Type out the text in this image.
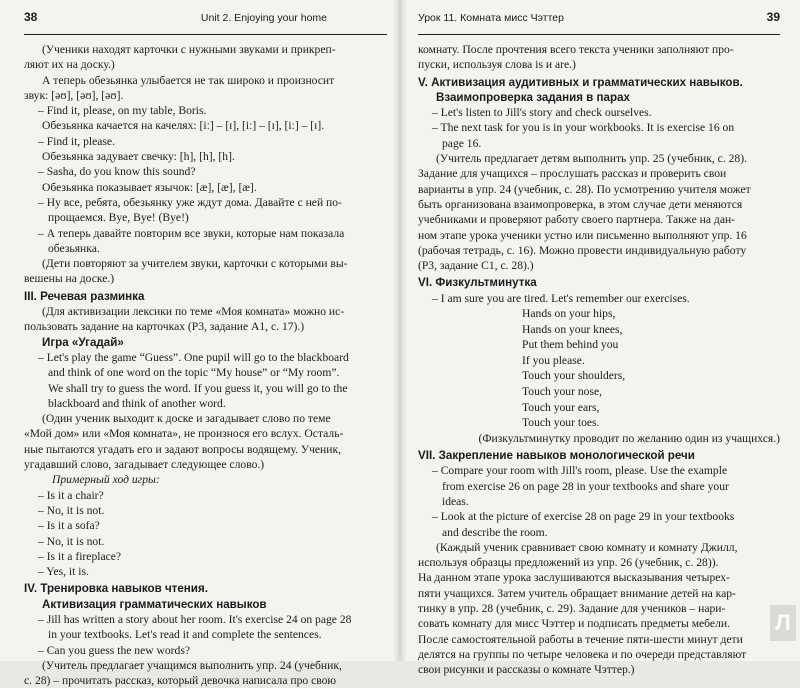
38	Unit 2. Enjoying your home

(Ученики находят карточки с нужными звуками и прикреп-

ляют их на доску.)

А теперь обезьянка улыбается не так широко и произносит

звук: [əʊ], [əʊ], [əʊ].

– Find it, please, on my table, Boris.

Обезьянка качается на качелях: [iː] – [ɪ], [iː] – [ɪ], [iː] – [ɪ].

– Find it, please.

Обезьянка задувает свечку: [h], [h], [h].

– Sasha, do you know this sound?

Обезьянка показывает язычок: [æ], [æ], [æ].

– Ну все, ребята, обезьянку уже ждут дома. Давайте с ней по-

прощаемся. Bye, Bye! (Bye!)

– А теперь давайте повторим все звуки, которые нам показала

обезьянка.

(Дети повторяют за учителем звуки, карточки с которыми вы-

вешены на доске.)

III. Речевая разминка

(Для активизации лексики по теме «Моя комната» можно ис-

пользовать задание на карточках (Р3, задание А1, с. 17).)

Игра «Угадай»

– Let's play the game “Guess”. One pupil will go to the blackboard

and think of one word on the topic “My house” or “My room”.

We shall try to guess the word. If you guess it, you will go to the

blackboard and think of another word.

(Один ученик выходит к доске и загадывает слово по теме

«Мой дом» или «Моя комната», не произнося его вслух. Осталь-

ные пытаются угадать его и задают вопросы водящему. Ученик,

угадавший слово, загадывает следующее слово.)

Примерный ход игры:

– Is it a chair?

– No, it is not.

– Is it a sofa?

– No, it is not.

– Is it a fireplace?

– Yes, it is.

IV. Тренировка навыков чтения.

Активизация грамматических навыков

– Jill has written a story about her room. It's exercise 24 on page 28

in your textbooks. Let's read it and complete the sentences.

– Can you guess the new words?

(Учитель предлагает учащимся выполнить упр. 24 (учебник,

с. 28) – прочитать рассказ, который девочка написала про свою

Урок 11. Комната мисс Чэттер	39

комнату. После прочтения всего текста ученики заполняют про-

пуски, используя слова is и are.)

V. Активизация аудитивных и грамматических навыков.

Взаимопроверка задания в парах

– Let's listen to Jill's story and check ourselves.

– The next task for you is in your workbooks. It is exercise 16 on

page 16.

(Учитель предлагает детям выполнить упр. 25 (учебник, с. 28).

Задание для учащихся – прослушать рассказ и проверить свои

варианты в упр. 24 (учебник, с. 28). По усмотрению учителя может

быть организована взаимопроверка, в этом случае дети меняются

учебниками и проверяют работу своего партнера. Также на дан-

ном этапе урока ученики устно или письменно выполняют упр. 16

(рабочая тетрадь, с. 16). Можно провести индивидуальную работу

(Р3, задание С1, с. 28).)

VI. Физкультминутка

– I am sure you are tired. Let's remember our exercises.

Hands on your hips,

Hands on your knees,

Put them behind you

If you please.

Touch your shoulders,

Touch your nose,

Touch your ears,

Touch your toes.

(Физкультминутку проводит по желанию один из учащихся.)

VII. Закрепление навыков монологической речи

– Compare your room with Jill's room, please. Use the example

from exercise 26 on page 28 in your textbooks and share your

ideas.

– Look at the picture of exercise 28 on page 29 in your textbooks

and describe the room.

(Каждый ученик сравнивает свою комнату и комнату Джилл,

используя образцы предложений из упр. 26 (учебник, с. 28)).

На данном этапе урока заслушиваются высказывания четырех-

пяти учащихся. Затем учитель обращает внимание детей на кар-

тинку в упр. 28 (учебник, с. 29). Задание для учеников – нари-

совать комнату для мисс Чэттер и подписать предметы мебели.

После самостоятельной работы в течение пяти-шести минут дети

делятся на группы по четыре человека и по очереди представляют

свои рисунки и рассказы о комнате Чэттер.)

Л
